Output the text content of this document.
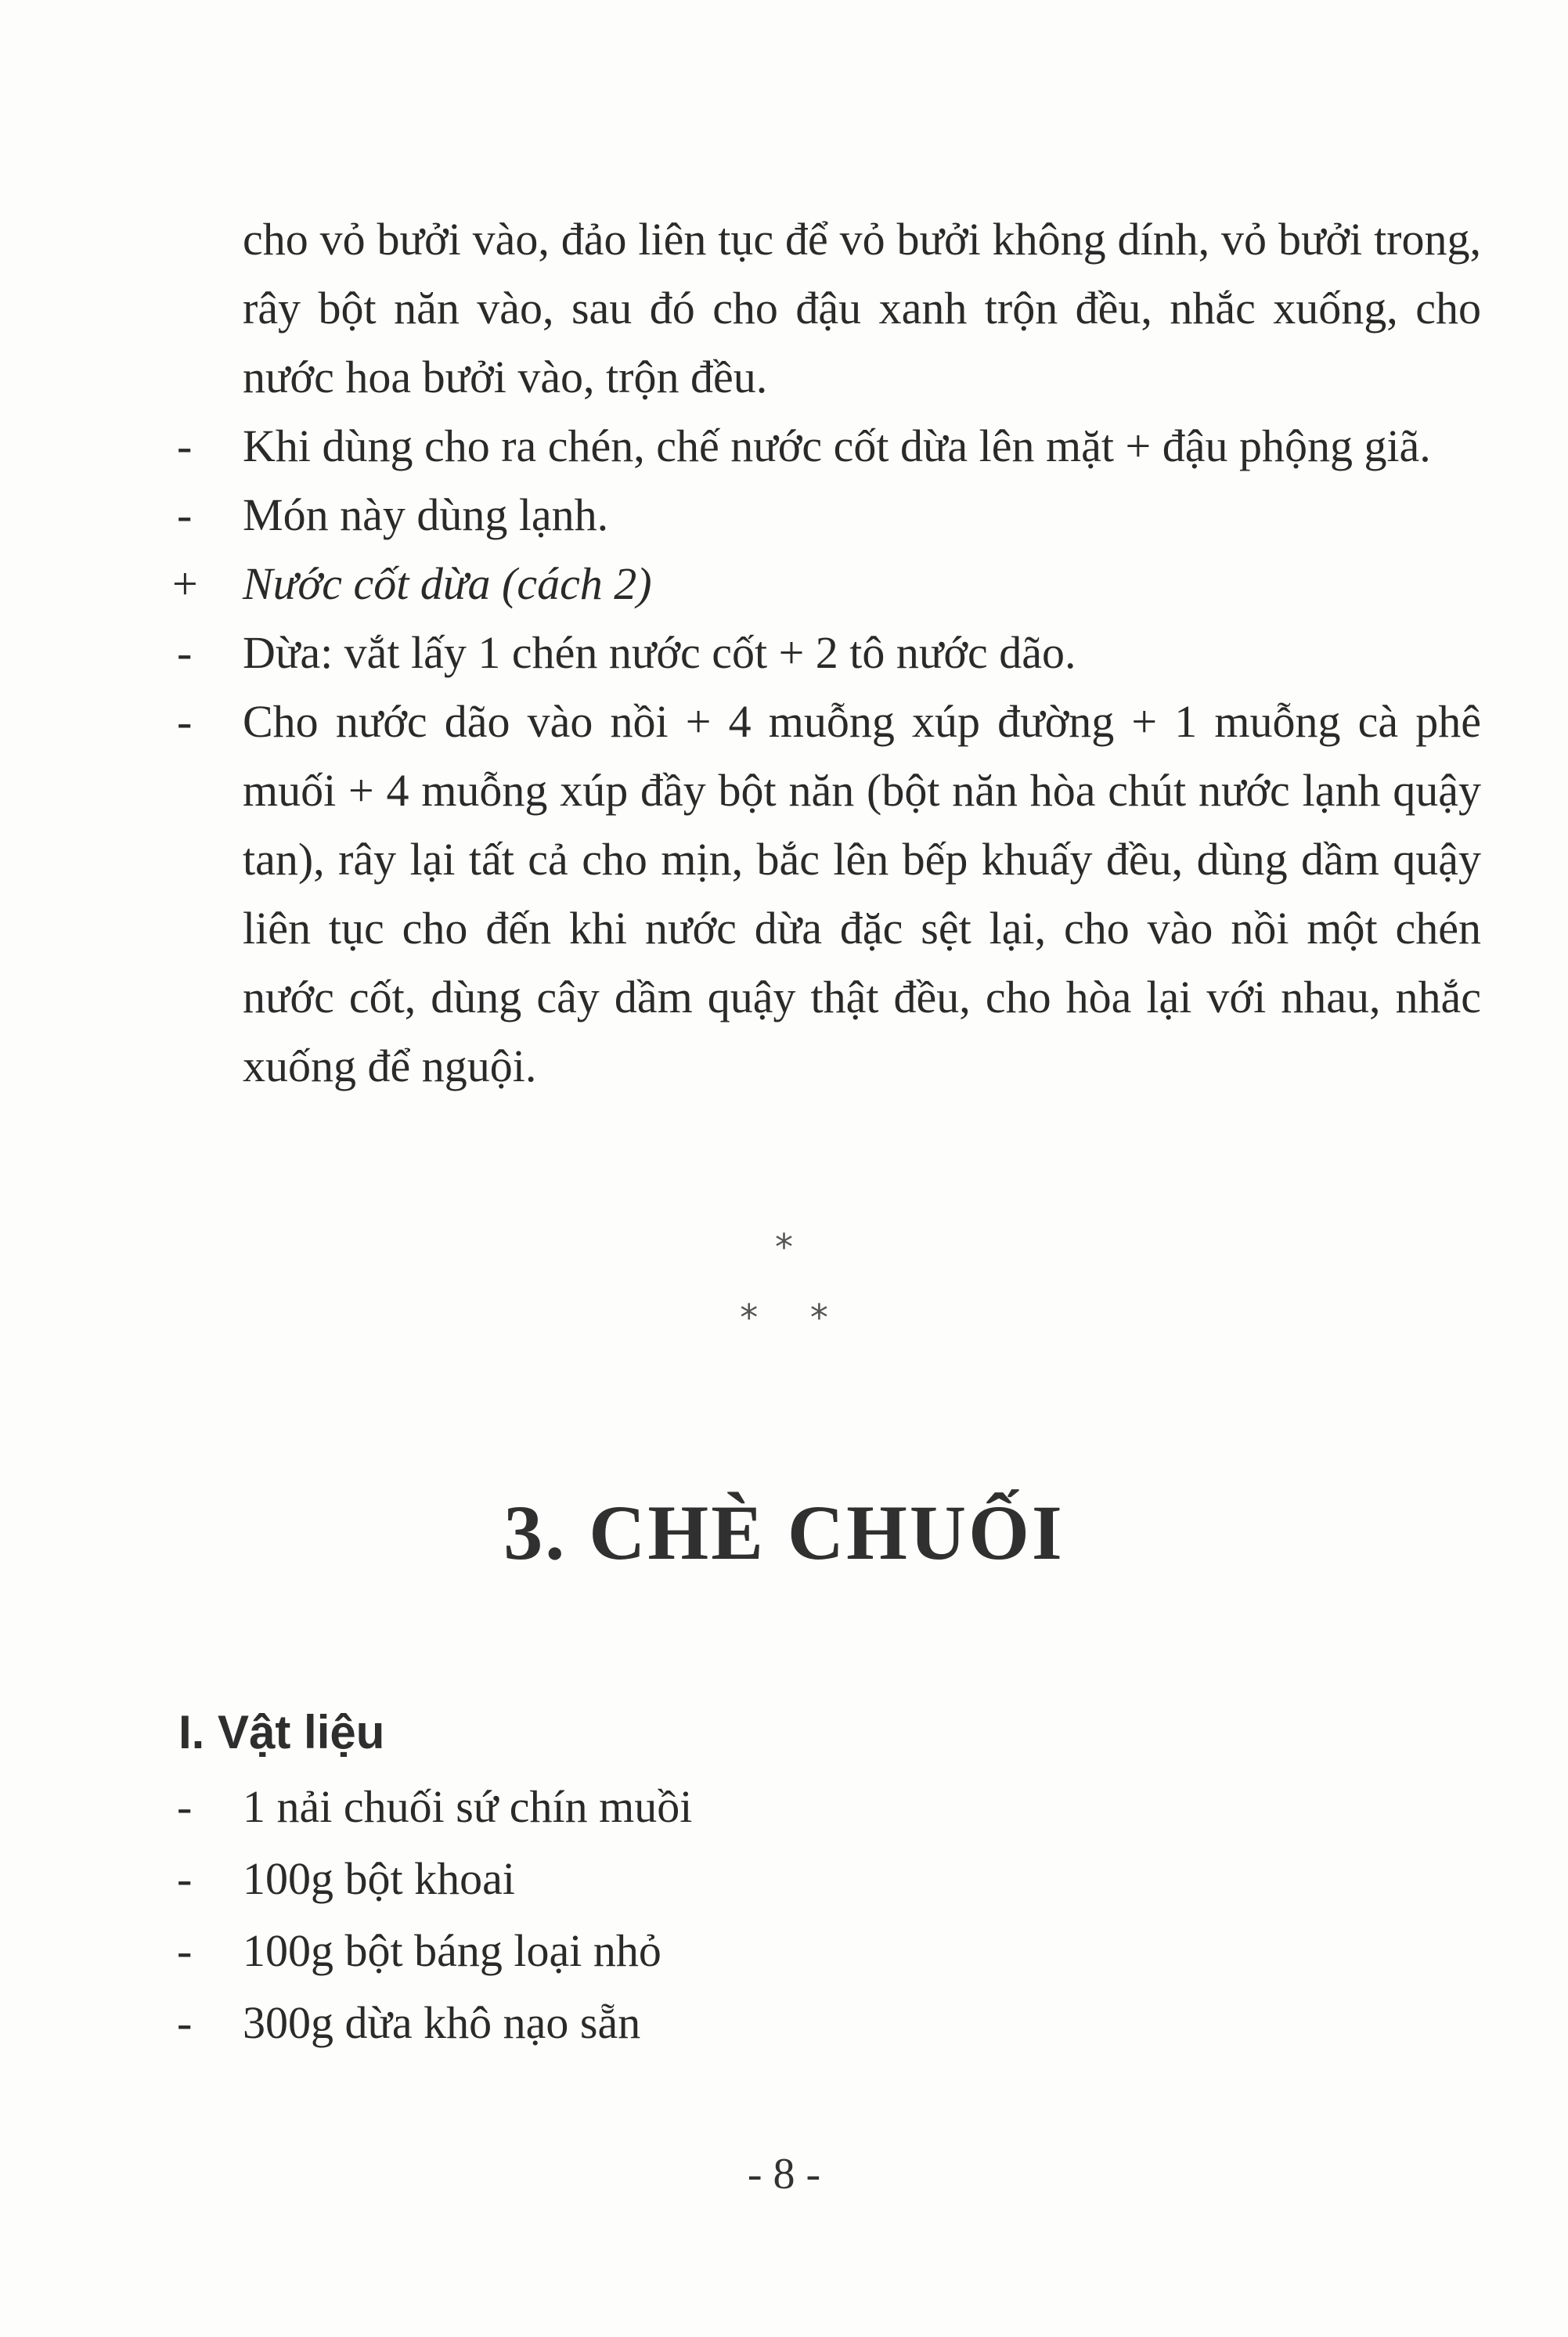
cho vỏ bưởi vào, đảo liên tục để vỏ bưởi không dính, vỏ bưởi trong, rây bột năn vào, sau đó cho đậu xanh trộn đều, nhắc xuống, cho nước hoa bưởi vào, trộn đều.
-	Khi dùng cho ra chén, chế nước cốt dừa lên mặt + đậu phộng giã.
-	Món này dùng lạnh.
+ Nước cốt dừa (cách 2)
-	Dừa: vắt lấy 1 chén nước cốt + 2 tô nước dão.
-	Cho nước dão vào nồi + 4 muỗng xúp đường + 1 muỗng cà phê muối + 4 muỗng xúp đầy bột năn (bột năn hòa chút nước lạnh quậy tan), rây lại tất cả cho mịn, bắc lên bếp khuấy đều, dùng dầm quậy liên tục cho đến khi nước dừa đặc sệt lại, cho vào nồi một chén nước cốt, dùng cây dầm quậy thật đều, cho hòa lại với nhau, nhắc xuống để nguội.
*
* *
3. CHÈ CHUỐI
I. Vật liệu
-	1 nải chuối sứ chín muồi
-	100g bột khoai
-	100g bột báng loại nhỏ
-	300g dừa khô nạo sẵn
- 8 -
